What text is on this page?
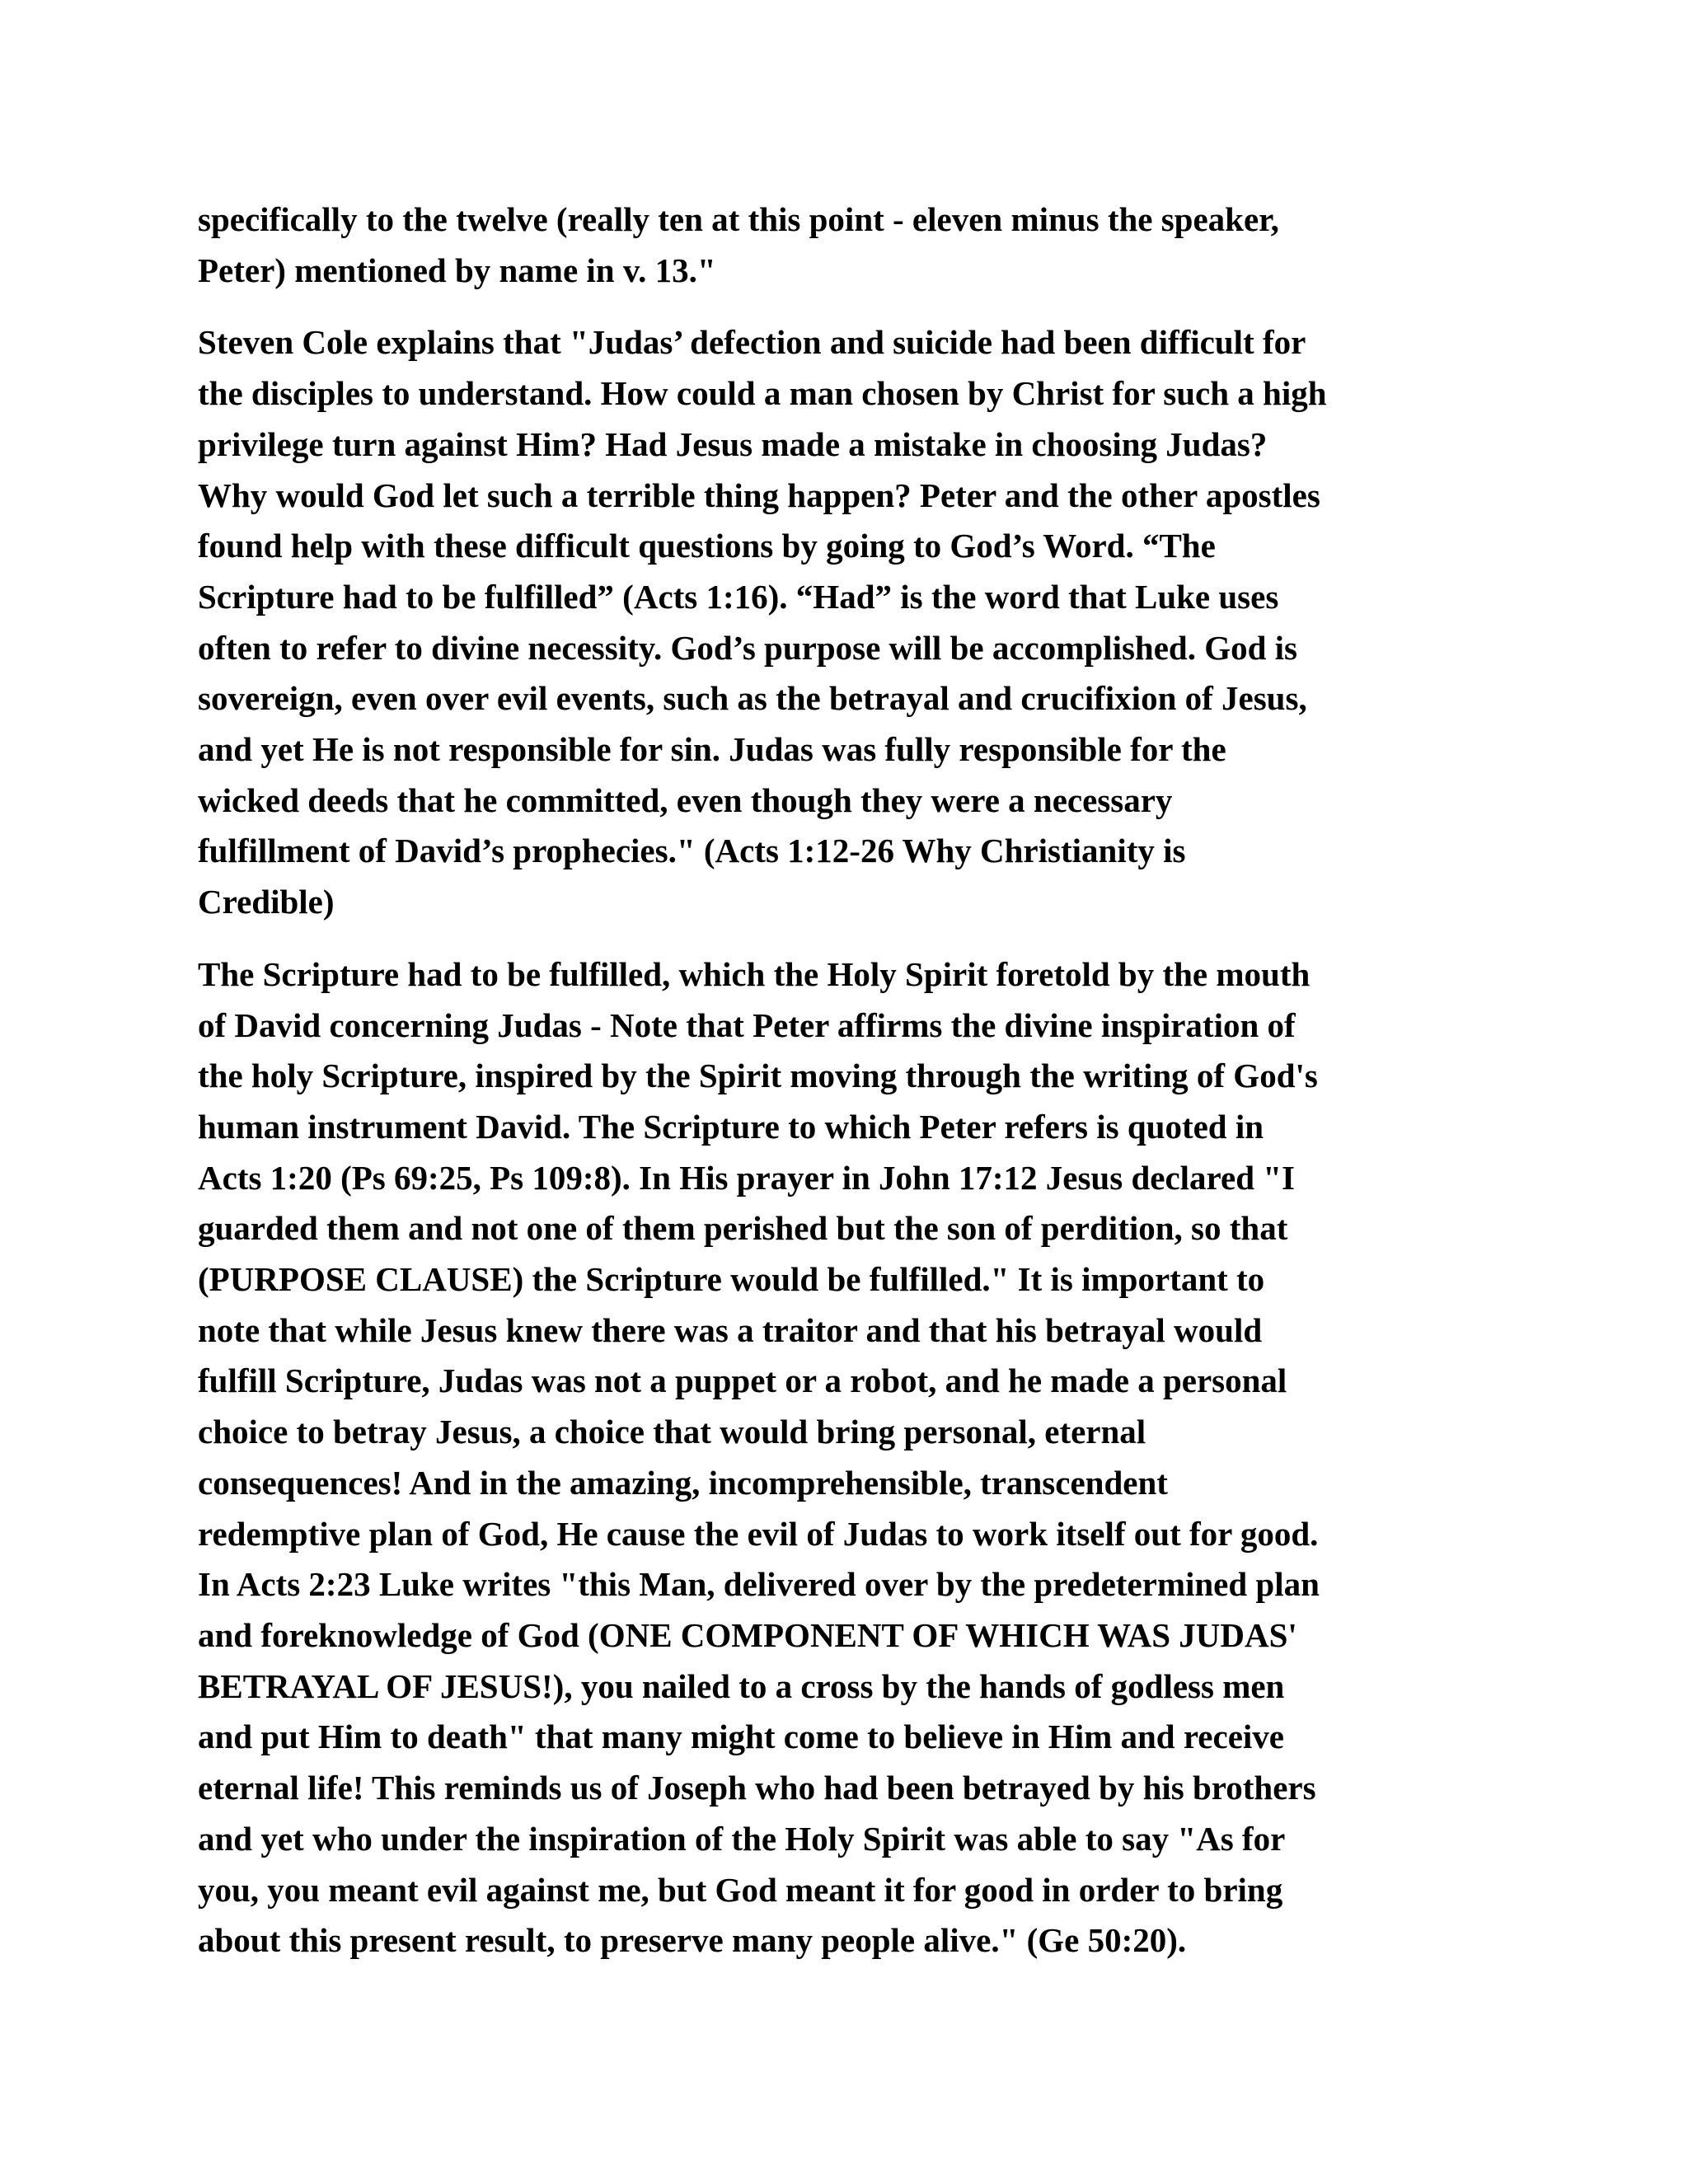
specifically to the twelve (really ten at this point - eleven minus the speaker,
Peter) mentioned by name in v. 13."

Steven Cole explains that "Judas’ defection and suicide had been difficult for
the disciples to understand. How could a man chosen by Christ for such a high
privilege turn against Him? Had Jesus made a mistake in choosing Judas?
Why would God let such a terrible thing happen? Peter and the other apostles
found help with these difficult questions by going to God’s Word. “The
Scripture had to be fulfilled” (Acts 1:16). “Had” is the word that Luke uses
often to refer to divine necessity. God’s purpose will be accomplished. God is
sovereign, even over evil events, such as the betrayal and crucifixion of Jesus,
and yet He is not responsible for sin. Judas was fully responsible for the
wicked deeds that he committed, even though they were a necessary
fulfillment of David’s prophecies." (Acts 1:12-26 Why Christianity is
Credible)

The Scripture had to be fulfilled, which the Holy Spirit foretold by the mouth
of David concerning Judas - Note that Peter affirms the divine inspiration of
the holy Scripture, inspired by the Spirit moving through the writing of God's
human instrument David. The Scripture to which Peter refers is quoted in
Acts 1:20 (Ps 69:25, Ps 109:8). In His prayer in John 17:12 Jesus declared "I
guarded them and not one of them perished but the son of perdition, so that
(PURPOSE CLAUSE) the Scripture would be fulfilled." It is important to
note that while Jesus knew there was a traitor and that his betrayal would
fulfill Scripture, Judas was not a puppet or a robot, and he made a personal
choice to betray Jesus, a choice that would bring personal, eternal
consequences! And in the amazing, incomprehensible, transcendent
redemptive plan of God, He cause the evil of Judas to work itself out for good.
In Acts 2:23 Luke writes "this Man, delivered over by the predetermined plan
and foreknowledge of God (ONE COMPONENT OF WHICH WAS JUDAS'
BETRAYAL OF JESUS!), you nailed to a cross by the hands of godless men
and put Him to death" that many might come to believe in Him and receive
eternal life! This reminds us of Joseph who had been betrayed by his brothers
and yet who under the inspiration of the Holy Spirit was able to say "As for
you, you meant evil against me, but God meant it for good in order to bring
about this present result, to preserve many people alive." (Ge 50:20).
